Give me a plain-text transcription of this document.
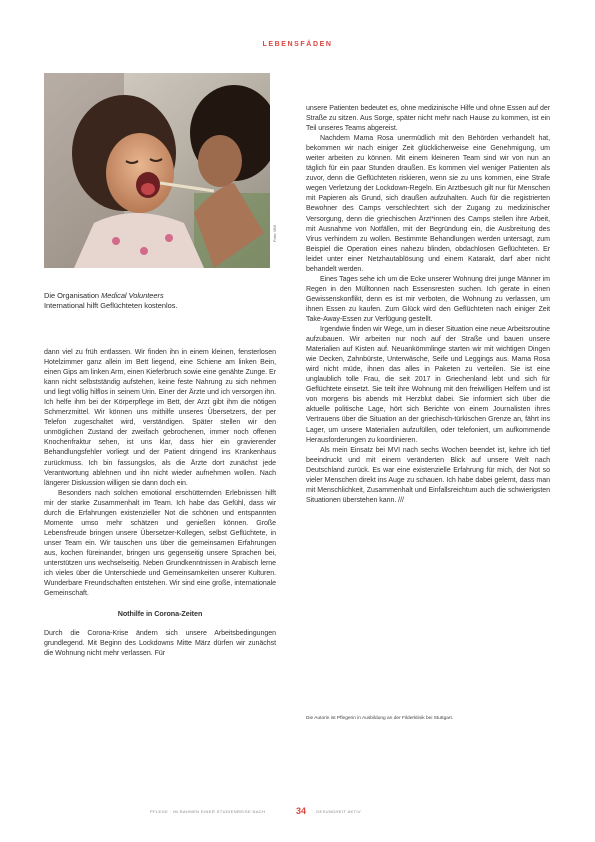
LEBENSFÄDEN
Foto: MVI
Die Organisation Medical Volunteers
International hilft Geflüchteten kostenlos.

dann viel zu früh entlassen. Wir finden ihn in einem kleinen, fensterlosen Hotelzimmer ganz allein im Bett liegend, eine Schiene am linken Bein, einen Gips am linken Arm, einen Kieferbruch sowie eine genähte Zunge. Er kann nicht selbstständig aufstehen, keine feste Nahrung zu sich nehmen und liegt völlig hilflos in seinem Urin. Einer der Ärzte und ich versorgen ihn. Ich helfe ihm bei der Körperpflege im Bett, der Arzt gibt ihm die nötigen Schmerzmittel. Wir können uns mithilfe unseres Übersetzers, der per Telefon zugeschaltet wird, verständigen. Später stellen wir den unmöglichen Zustand der zweifach gebrochenen, immer noch offenen Knochenfraktur sehen, ist uns klar, dass hier ein gravierender Behandlungsfehler vorliegt und der Patient dringend ins Krankenhaus zurückmuss. Ich bin fassungslos, als die Ärzte dort zunächst jede Verantwortung ablehnen und ihn nicht wieder aufnehmen wollen. Nach längerer Diskussion willigen sie dann doch ein.

Besonders nach solchen emotional erschütternden Erlebnissen hilft mir der starke Zusammenhalt im Team. Ich habe das Gefühl, dass wir durch die Erfahrungen existenzieller Not die schönen und entspannten Momente umso mehr schätzen und genießen können. Große Lebensfreude bringen unsere Übersetzer-Kollegen, selbst Geflüchtete, in unser Team ein. Wir tauschen uns über die gemeinsamen Erfahrungen aus, kochen füreinander, bringen uns gegenseitig unsere Sprachen bei, unterstützen uns wechselseitig. Neben Grundkenntnissen in Arabisch lerne ich vieles über die Unterschiede und Gemeinsamkeiten unserer Kulturen. Wunderbare Freundschaften entstehen. Wir sind eine große, internationale Gemeinschaft.

Nothilfe in Corona-Zeiten

Durch die Corona-Krise ändern sich unsere Arbeitsbedingungen grundlegend. Mit Beginn des Lockdowns Mitte März dürfen wir zunächst die Wohnung nicht mehr verlassen. Für

unsere Patienten bedeutet es, ohne medizinische Hilfe und ohne Essen auf der Straße zu sitzen. Aus Sorge, später nicht mehr nach Hause zu kommen, ist ein Teil unseres Teams abgereist.

Nachdem Mama Rosa unermüdlich mit den Behörden verhandelt hat, bekommen wir nach einiger Zeit glücklicherweise eine Genehmigung, um weiter arbeiten zu können. Mit einem kleineren Team sind wir von nun an täglich für ein paar Stunden draußen. Es kommen viel weniger Patienten als zuvor, denn die Geflüchteten riskieren, wenn sie zu uns kommen, eine Strafe wegen Verletzung der Lockdown-Regeln. Ein Arztbesuch gilt nur für Menschen mit Papieren als Grund, sich draußen aufzuhalten. Auch für die registrierten Bewohner des Camps verschlechtert sich der Zugang zu medizinischer Versorgung, denn die griechischen Ärzt*innen des Camps stellen ihre Arbeit, mit Ausnahme von Notfällen, mit der Begründung ein, die Ausbreitung des Virus verhindern zu wollen. Bestimmte Behandlungen werden untersagt, zum Beispiel die Operation eines nahezu blinden, obdachlosen Geflüchteten. Er leidet unter einer Netzhautablösung und einem Katarakt, darf aber nicht behandelt werden.

Eines Tages sehe ich um die Ecke unserer Wohnung drei junge Männer im Regen in den Mülltonnen nach Essensresten suchen. Ich gerate in einen Gewissenskonflikt, denn es ist mir verboten, die Wohnung zu verlassen, um ihnen Essen zu kaufen. Zum Glück wird den Geflüchteten nach einiger Zeit Take-Away-Essen zur Verfügung gestellt.

Irgendwie finden wir Wege, um in dieser Situation eine neue Arbeitsroutine aufzubauen. Wir arbeiten nur noch auf der Straße und bauen unsere Materialien auf Kisten auf. Neuankömmlinge starten wir mit wichtigen Dingen wie Decken, Zahnbürste, Unterwäsche, Seife und Leggings aus. Mama Rosa wird nicht müde, ihnen das alles in Paketen zu verteilen. Sie ist eine unglaublich tolle Frau, die seit 2017 in Griechenland lebt und sich für Geflüchtete einsetzt. Sie teilt ihre Wohnung mit den freiwilligen Helfern und ist von morgens bis abends mit Herzblut dabei. Sie informiert sich über die aktuelle politische Lage, hört sich Berichte von einem Journalisten ihres Vertrauens über die Situation an der griechisch-türkischen Grenze an, fährt ins Lager, um unsere Materialien aufzufüllen, oder telefoniert, um aufkommende Herausforderungen zu koordinieren.

Als mein Einsatz bei MVI nach sechs Wochen beendet ist, kehre ich tief beeindruckt und mit einem veränderten Blick auf unsere Welt nach Deutschland zurück. Es war eine existenzielle Erfahrung für mich, der Not so vieler Menschen direkt ins Auge zu schauen. Ich habe dabei gelernt, dass man mit Menschlichkeit, Zusammenhalt und Einfallsreichtum auch die schwierigsten Situationen überstehen kann. ///

Die Autorin ist Pflegerin in Ausbildung an der Filderklinik bei Stuttgart.
PFLEGE · IM RAHMEN EINER STUDIENREISE NACH	34 GESUNDHEIT AKTIV
